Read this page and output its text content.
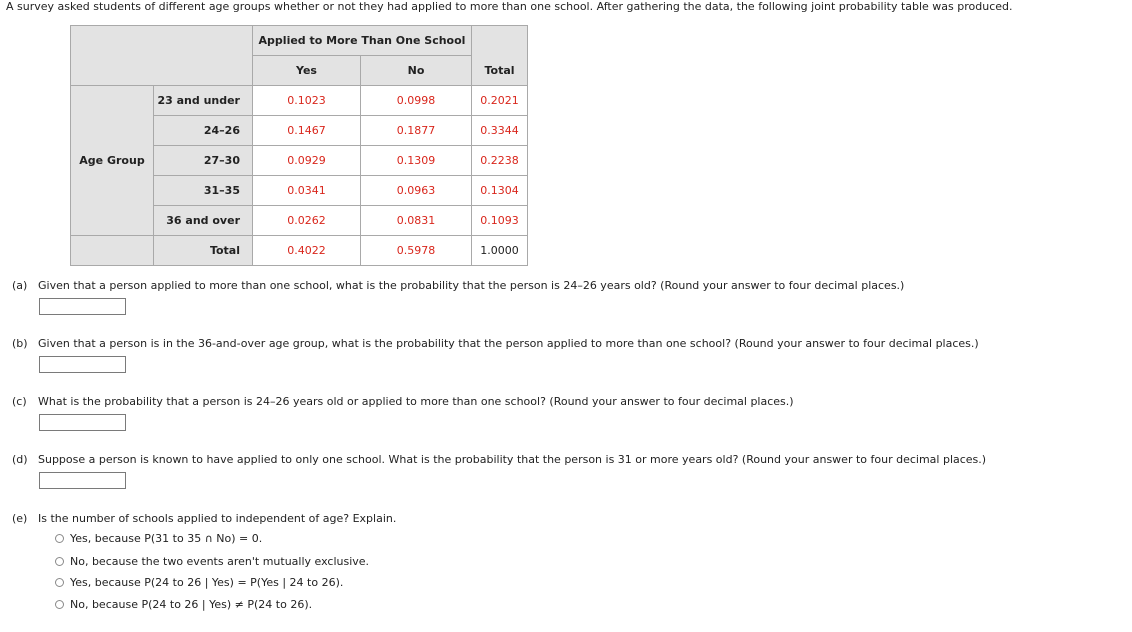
A survey asked students of different age groups whether or not they had applied to more than one school. After gathering the data, the following joint probability table was produced.
		Applied to More Than One School		
		Yes	No	Total
Age Group	23 and under	0.1023	0.0998	0.2021
	24–26	0.1467	0.1877	0.3344
	27–30	0.0929	0.1309	0.2238
	31–35	0.0341	0.0963	0.1304
	36 and over	0.0262	0.0831	0.1093
	Total	0.4022	0.5978	1.0000
(a) Given that a person applied to more than one school, what is the probability that the person is 24–26 years old? (Round your answer to four decimal places.)
(b) Given that a person is in the 36-and-over age group, what is the probability that the person applied to more than one school? (Round your answer to four decimal places.)
(c) What is the probability that a person is 24–26 years old or applied to more than one school? (Round your answer to four decimal places.)
(d) Suppose a person is known to have applied to only one school. What is the probability that the person is 31 or more years old? (Round your answer to four decimal places.)
(e) Is the number of schools applied to independent of age? Explain.
Yes, because P(31 to 35 ∩ No) = 0.
No, because the two events aren't mutually exclusive.
Yes, because P(24 to 26 | Yes) = P(Yes | 24 to 26).
No, because P(24 to 26 | Yes) ≠ P(24 to 26).
